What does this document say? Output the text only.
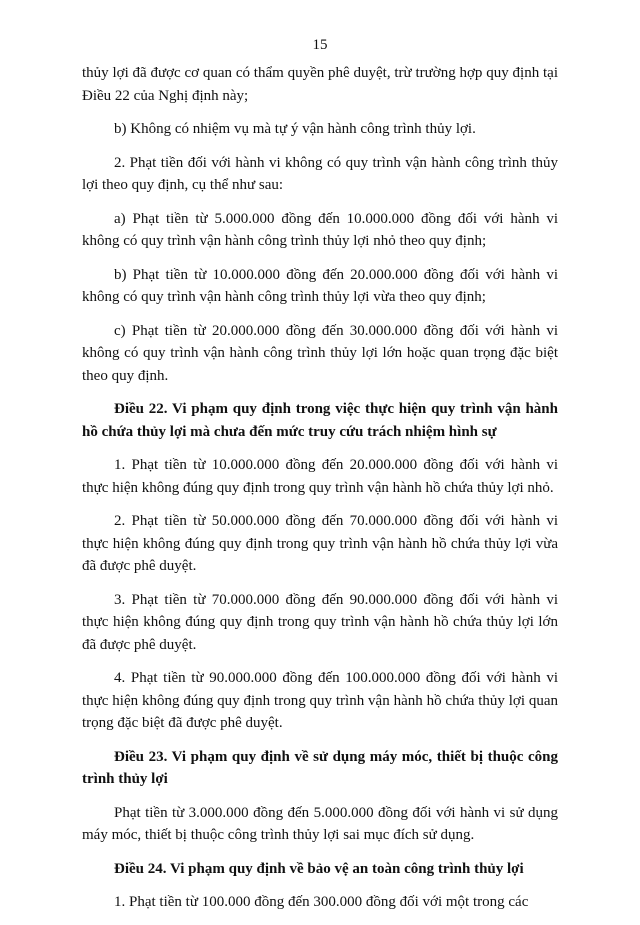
15

thủy lợi đã được cơ quan có thẩm quyền phê duyệt, trừ trường hợp quy định tại Điều 22 của Nghị định này;

b) Không có nhiệm vụ mà tự ý vận hành công trình thủy lợi.

2. Phạt tiền đối với hành vi không có quy trình vận hành công trình thủy lợi theo quy định, cụ thể như sau:

a) Phạt tiền từ 5.000.000 đồng đến 10.000.000 đồng đối với hành vi không có quy trình vận hành công trình thủy lợi nhỏ theo quy định;

b) Phạt tiền từ 10.000.000 đồng đến 20.000.000 đồng đối với hành vi không có quy trình vận hành công trình thủy lợi vừa theo quy định;

c) Phạt tiền từ 20.000.000 đồng đến 30.000.000 đồng đối với hành vi không có quy trình vận hành công trình thủy lợi lớn hoặc quan trọng đặc biệt theo quy định.

Điều 22. Vi phạm quy định trong việc thực hiện quy trình vận hành hồ chứa thủy lợi mà chưa đến mức truy cứu trách nhiệm hình sự

1. Phạt tiền từ 10.000.000 đồng đến 20.000.000 đồng đối với hành vi thực hiện không đúng quy định trong quy trình vận hành hồ chứa thủy lợi nhỏ.

2. Phạt tiền từ 50.000.000 đồng đến 70.000.000 đồng đối với hành vi thực hiện không đúng quy định trong quy trình vận hành hồ chứa thủy lợi vừa đã được phê duyệt.

3. Phạt tiền từ 70.000.000 đồng đến 90.000.000 đồng đối với hành vi thực hiện không đúng quy định trong quy trình vận hành hồ chứa thủy lợi lớn đã được phê duyệt.

4. Phạt tiền từ 90.000.000 đồng đến 100.000.000 đồng đối với hành vi thực hiện không đúng quy định trong quy trình vận hành hồ chứa thủy lợi quan trọng đặc biệt đã được phê duyệt.

Điều 23. Vi phạm quy định về sử dụng máy móc, thiết bị thuộc công trình thủy lợi

Phạt tiền từ 3.000.000 đồng đến 5.000.000 đồng đối với hành vi sử dụng máy móc, thiết bị thuộc công trình thủy lợi sai mục đích sử dụng.

Điều 24. Vi phạm quy định về bảo vệ an toàn công trình thủy lợi

1. Phạt tiền từ 100.000 đồng đến 300.000 đồng đối với một trong các
